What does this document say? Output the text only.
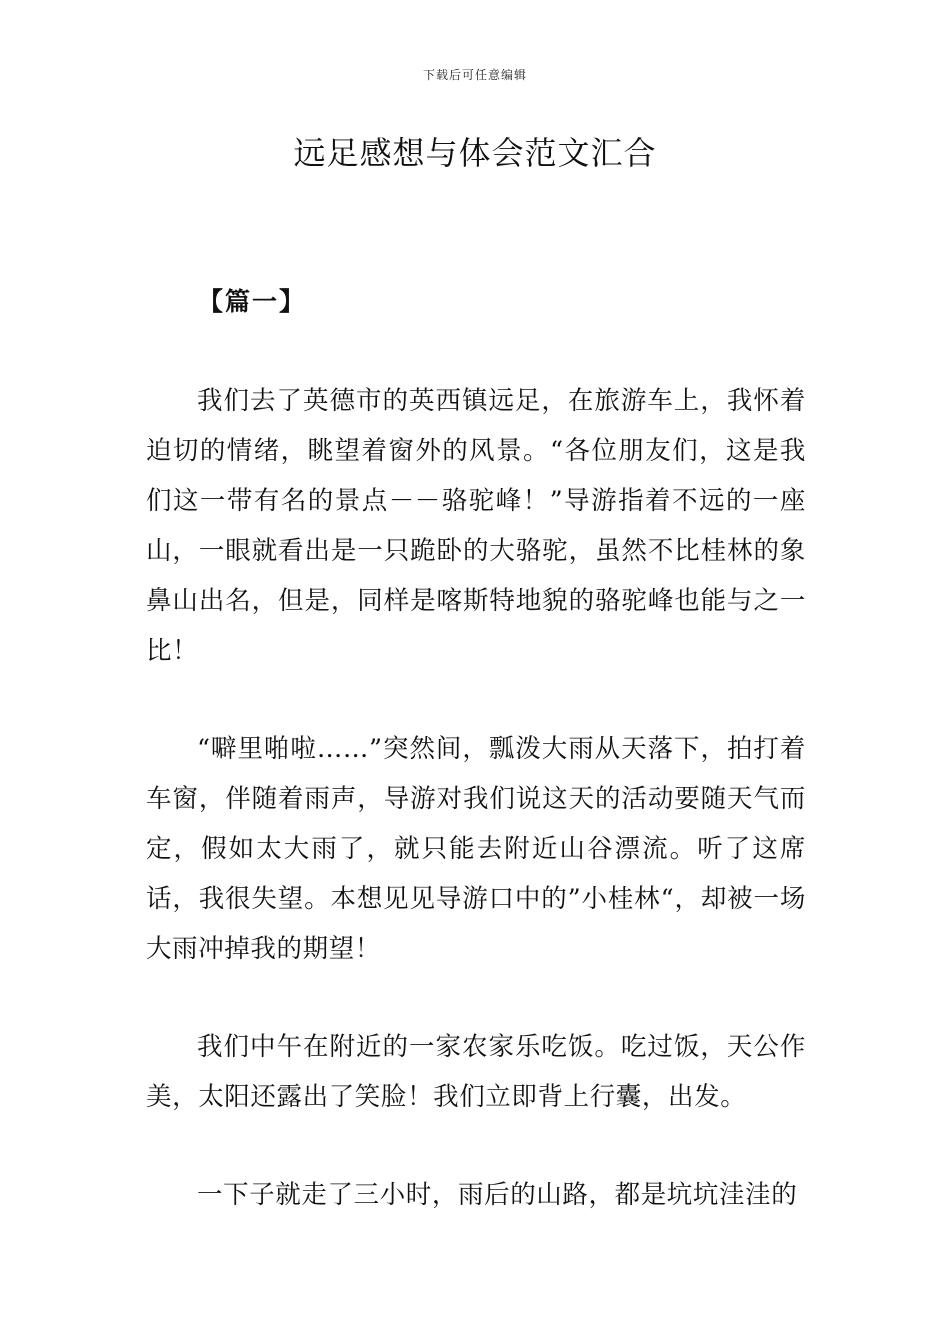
下载后可任意编辑
远足感想与体会范文汇合
【篇一】

我们去了英德市的英西镇远足，在旅游车上，我怀着迫切的情绪，眺望着窗外的风景。“各位朋友们，这是我们这一带有名的景点－－骆驼峰！”导游指着不远的一座山，一眼就看出是一只跪卧的大骆驼，虽然不比桂林的象鼻山出名，但是，同样是喀斯特地貌的骆驼峰也能与之一比！

“噼里啪啦……”突然间，瓢泼大雨从天落下，拍打着车窗，伴随着雨声，导游对我们说这天的活动要随天气而定，假如太大雨了，就只能去附近山谷漂流。听了这席话，我很失望。本想见见导游口中的”小桂林“，却被一场大雨冲掉我的期望！

我们中午在附近的一家农家乐吃饭。吃过饭，天公作美，太阳还露出了笑脸！我们立即背上行囊，出发。

一下子就走了三小时，雨后的山路，都是坑坑洼洼的
